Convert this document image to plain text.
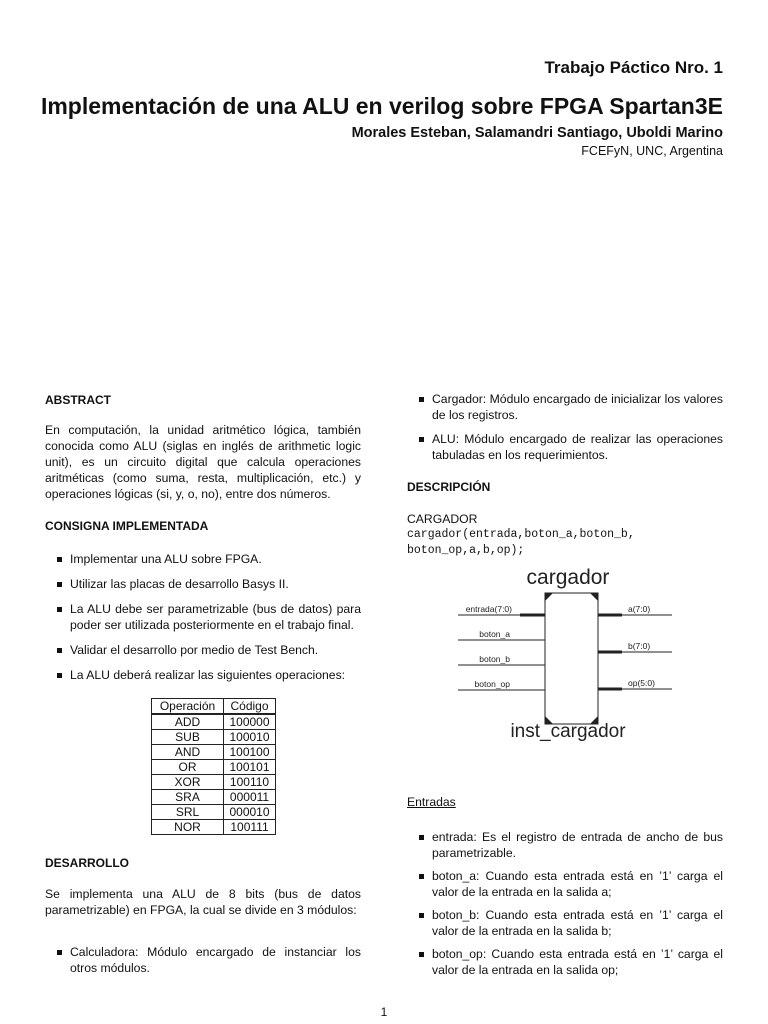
Trabajo Páctico Nro. 1
Implementación de una ALU en verilog sobre FPGA Spartan3E
Morales Esteban, Salamandri Santiago, Uboldi Marino
FCEFyN, UNC, Argentina
ABSTRACT
En computación, la unidad aritmético lógica, también conocida como ALU (siglas en inglés de arithmetic logic unit), es un circuito digital que calcula operaciones aritméticas (como suma, resta, multiplicación, etc.) y operaciones lógicas (si, y, o, no), entre dos números.
CONSIGNA IMPLEMENTADA
Implementar una ALU sobre FPGA.
Utilizar las placas de desarrollo Basys II.
La ALU debe ser parametrizable (bus de datos) para poder ser utilizada posteriormente en el trabajo final.
Validar el desarrollo por medio de Test Bench.
La ALU deberá realizar las siguientes operaciones:
Operación	Código
ADD	100000
SUB	100010
AND	100100
OR	100101
XOR	100110
SRA	000011
SRL	000010
NOR	100111
DESARROLLO
Se implementa una ALU de 8 bits (bus de datos parametrizable) en FPGA, la cual se divide en 3 módulos:
Calculadora: Módulo encargado de instanciar los otros módulos.
Cargador: Módulo encargado de inicializar los valores de los registros.
ALU: Módulo encargado de realizar las operaciones tabuladas en los requerimientos.
DESCRIPCIÓN
CARGADOR
cargador(entrada,boton_a,boton_b,
boton_op,a,b,op);
cargador
entrada(7:0)
boton_a
boton_b
boton_op
a(7:0)
b(7:0)
op(5:0)
inst_cargador
Entradas
entrada: Es el registro de entrada de ancho de bus parametrizable.
boton_a: Cuando esta entrada está en ’1’ carga el valor de la entrada en la salida a;
boton_b: Cuando esta entrada está en ’1’ carga el valor de la entrada en la salida b;
boton_op: Cuando esta entrada está en ’1’ carga el valor de la entrada en la salida op;
1
